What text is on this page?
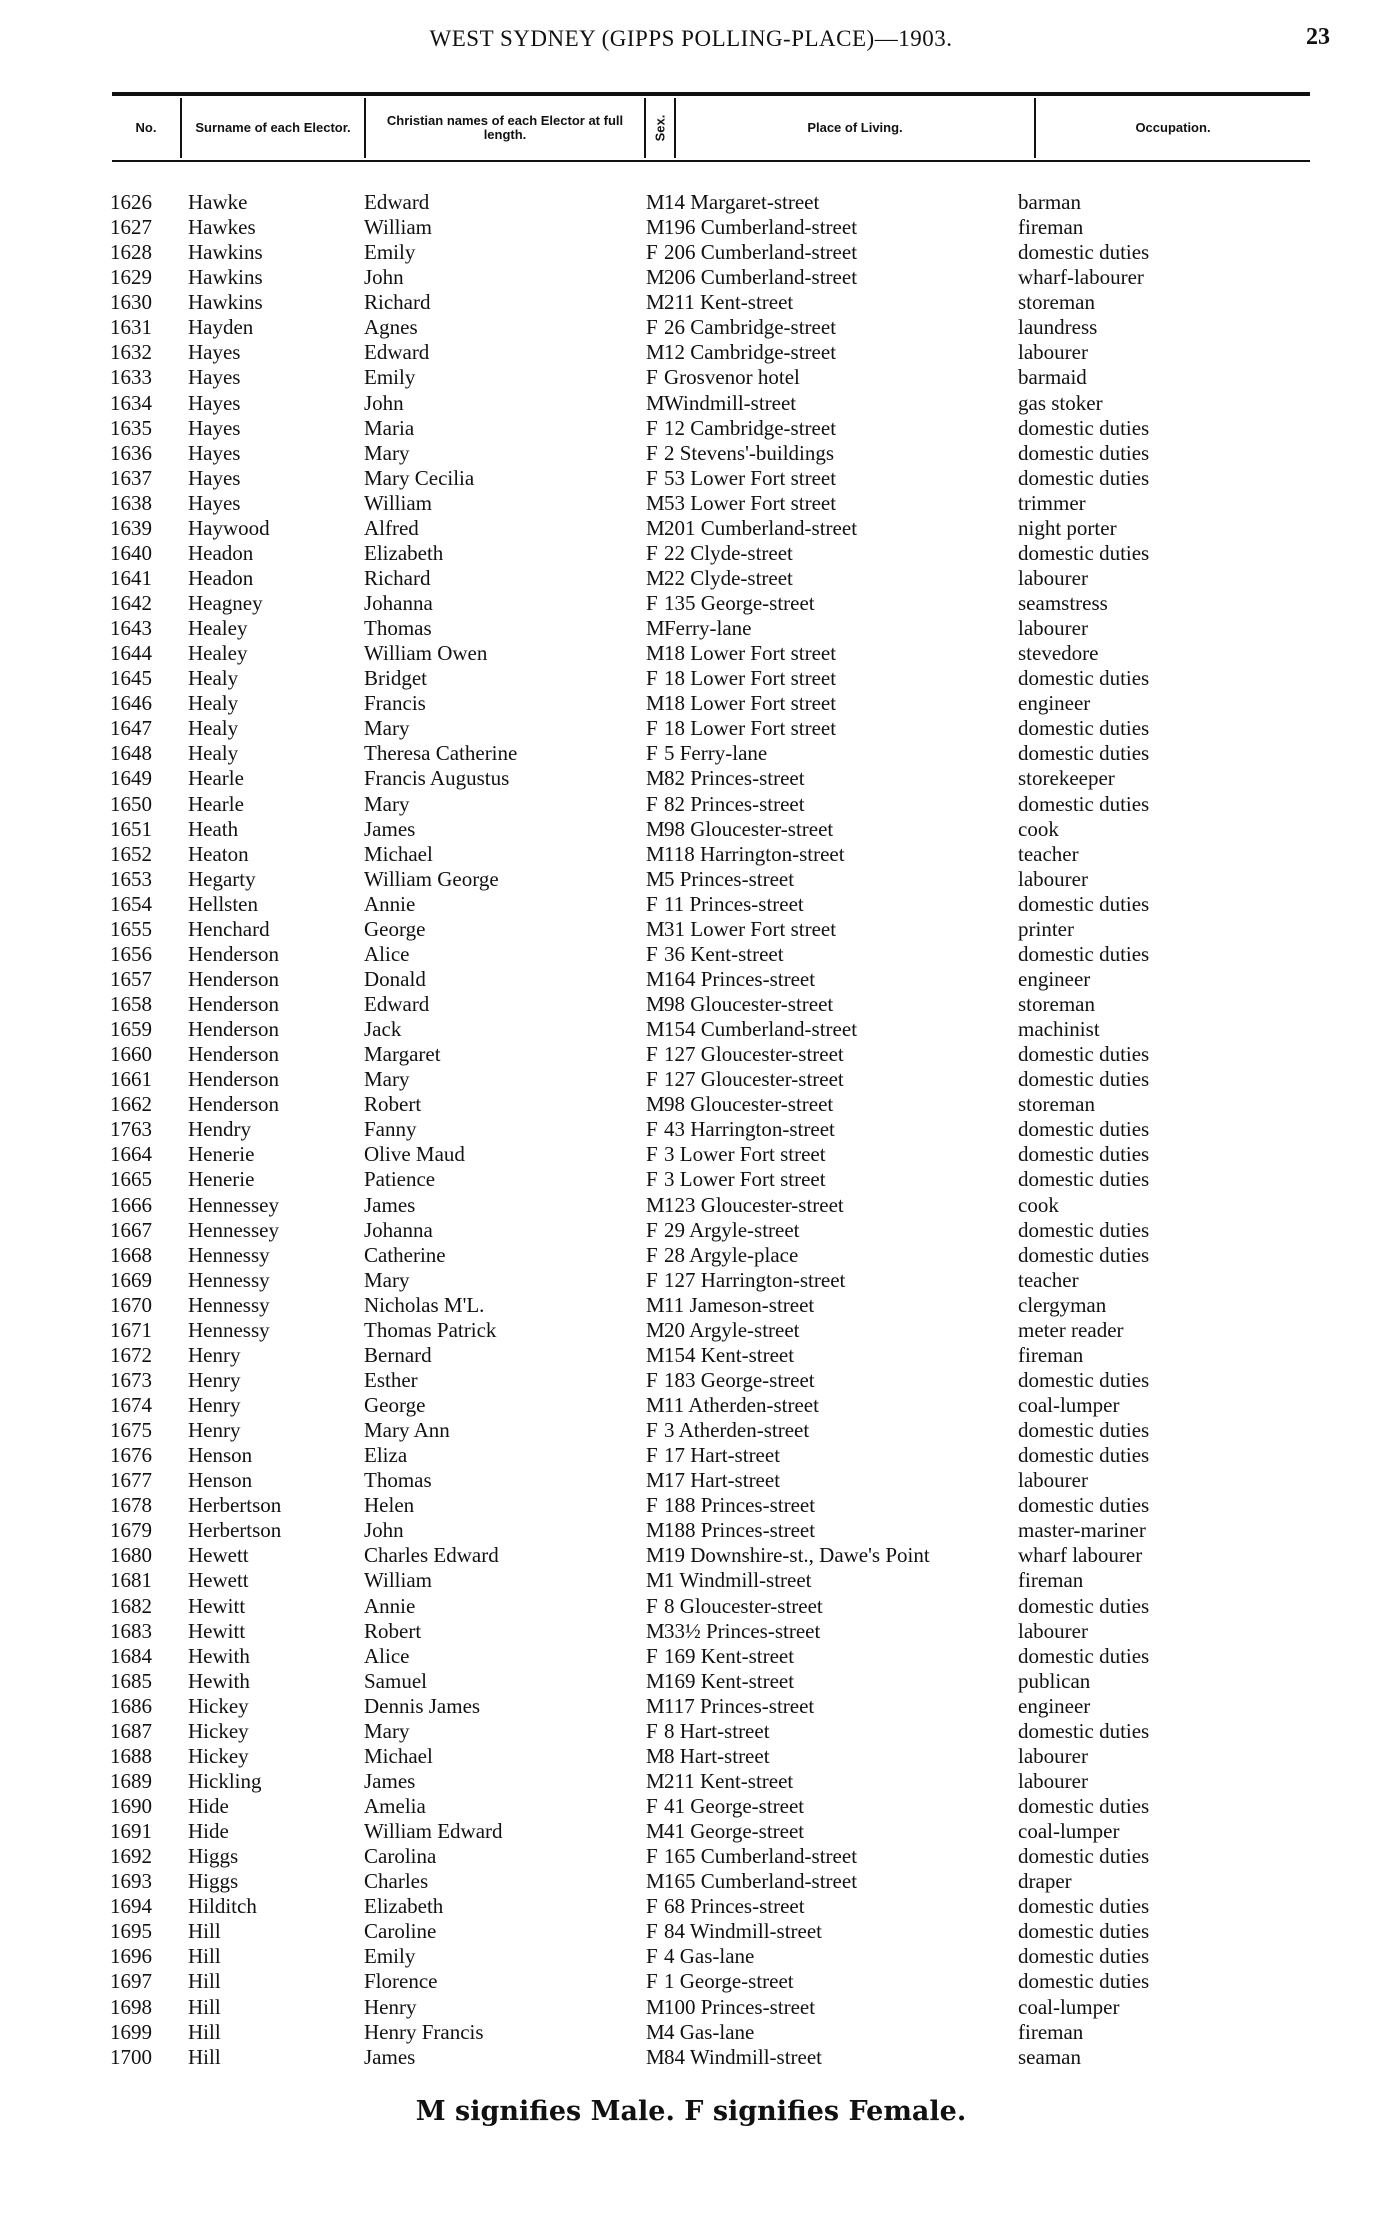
WEST SYDNEY (GIPPS POLLING-PLACE)—1903.	23
No.	Surname of each Elector.	Christian names of each Elector at full length.	Sex.	Place of Living.	Occupation.
1626 Hawke	Edward	M 14 Margaret-street	barman
1627 Hawkes	William	M 196 Cumberland-street	fireman
1628 Hawkins	Emily	F 206 Cumberland-street	domestic duties
1629 Hawkins	John	M 206 Cumberland-street	wharf-labourer
1630 Hawkins	Richard	M 211 Kent-street	storeman
1631 Hayden	Agnes	F 26 Cambridge-street	laundress
1632 Hayes	Edward	M 12 Cambridge-street	labourer
1633 Hayes	Emily	F Grosvenor hotel	barmaid
1634 Hayes	John	M Windmill-street	gas stoker
1635 Hayes	Maria	F 12 Cambridge-street	domestic duties
1636 Hayes	Mary	F 2 Stevens'-buildings	domestic duties
1637 Hayes	Mary Cecilia	F 53 Lower Fort street	domestic duties
1638 Hayes	William	M 53 Lower Fort street	trimmer
1639 Haywood	Alfred	M 201 Cumberland-street	night porter
1640 Headon	Elizabeth	F 22 Clyde-street	domestic duties
1641 Headon	Richard	M 22 Clyde-street	labourer
1642 Heagney	Johanna	F 135 George-street	seamstress
1643 Healey	Thomas	M Ferry-lane	labourer
1644 Healey	William Owen	M 18 Lower Fort street	stevedore
1645 Healy	Bridget	F 18 Lower Fort street	domestic duties
1646 Healy	Francis	M 18 Lower Fort street	engineer
1647 Healy	Mary	F 18 Lower Fort street	domestic duties
1648 Healy	Theresa Catherine	F 5 Ferry-lane	domestic duties
1649 Hearle	Francis Augustus	M 82 Princes-street	storekeeper
1650 Hearle	Mary	F 82 Princes-street	domestic duties
1651 Heath	James	M 98 Gloucester-street	cook
1652 Heaton	Michael	M 118 Harrington-street	teacher
1653 Hegarty	William George	M 5 Princes-street	labourer
1654 Hellsten	Annie	F 11 Princes-street	domestic duties
1655 Henchard	George	M 31 Lower Fort street	printer
1656 Henderson	Alice	F 36 Kent-street	domestic duties
1657 Henderson	Donald	M 164 Princes-street	engineer
1658 Henderson	Edward	M 98 Gloucester-street	storeman
1659 Henderson	Jack	M 154 Cumberland-street	machinist
1660 Henderson	Margaret	F 127 Gloucester-street	domestic duties
1661 Henderson	Mary	F 127 Gloucester-street	domestic duties
1662 Henderson	Robert	M 98 Gloucester-street	storeman
1763 Hendry	Fanny	F 43 Harrington-street	domestic duties
1664 Henerie	Olive Maud	F 3 Lower Fort street	domestic duties
1665 Henerie	Patience	F 3 Lower Fort street	domestic duties
1666 Hennessey	James	M 123 Gloucester-street	cook
1667 Hennessey	Johanna	F 29 Argyle-street	domestic duties
1668 Hennessy	Catherine	F 28 Argyle-place	domestic duties
1669 Hennessy	Mary	F 127 Harrington-street	teacher
1670 Hennessy	Nicholas M'L.	M 11 Jameson-street	clergyman
1671 Hennessy	Thomas Patrick	M 20 Argyle-street	meter reader
1672 Henry	Bernard	M 154 Kent-street	fireman
1673 Henry	Esther	F 183 George-street	domestic duties
1674 Henry	George	M 11 Atherden-street	coal-lumper
1675 Henry	Mary Ann	F 3 Atherden-street	domestic duties
1676 Henson	Eliza	F 17 Hart-street	domestic duties
1677 Henson	Thomas	M 17 Hart-street	labourer
1678 Herbertson	Helen	F 188 Princes-street	domestic duties
1679 Herbertson	John	M 188 Princes-street	master-mariner
1680 Hewett	Charles Edward	M 19 Downshire-st., Dawe's Point	wharf labourer
1681 Hewett	William	M 1 Windmill-street	fireman
1682 Hewitt	Annie	F 8 Gloucester-street	domestic duties
1683 Hewitt	Robert	M 33½ Princes-street	labourer
1684 Hewith	Alice	F 169 Kent-street	domestic duties
1685 Hewith	Samuel	M 169 Kent-street	publican
1686 Hickey	Dennis James	M 117 Princes-street	engineer
1687 Hickey	Mary	F 8 Hart-street	domestic duties
1688 Hickey	Michael	M 8 Hart-street	labourer
1689 Hickling	James	M 211 Kent-street	labourer
1690 Hide	Amelia	F 41 George-street	domestic duties
1691 Hide	William Edward	M 41 George-street	coal-lumper
1692 Higgs	Carolina	F 165 Cumberland-street	domestic duties
1693 Higgs	Charles	M 165 Cumberland-street	draper
1694 Hilditch	Elizabeth	F 68 Princes-street	domestic duties
1695 Hill	Caroline	F 84 Windmill-street	domestic duties
1696 Hill	Emily	F 4 Gas-lane	domestic duties
1697 Hill	Florence	F 1 George-street	domestic duties
1698 Hill	Henry	M 100 Princes-street	coal-lumper
1699 Hill	Henry Francis	M 4 Gas-lane	fireman
1700 Hill	James	M 84 Windmill-street	seaman
M signifies Male. F signifies Female.
